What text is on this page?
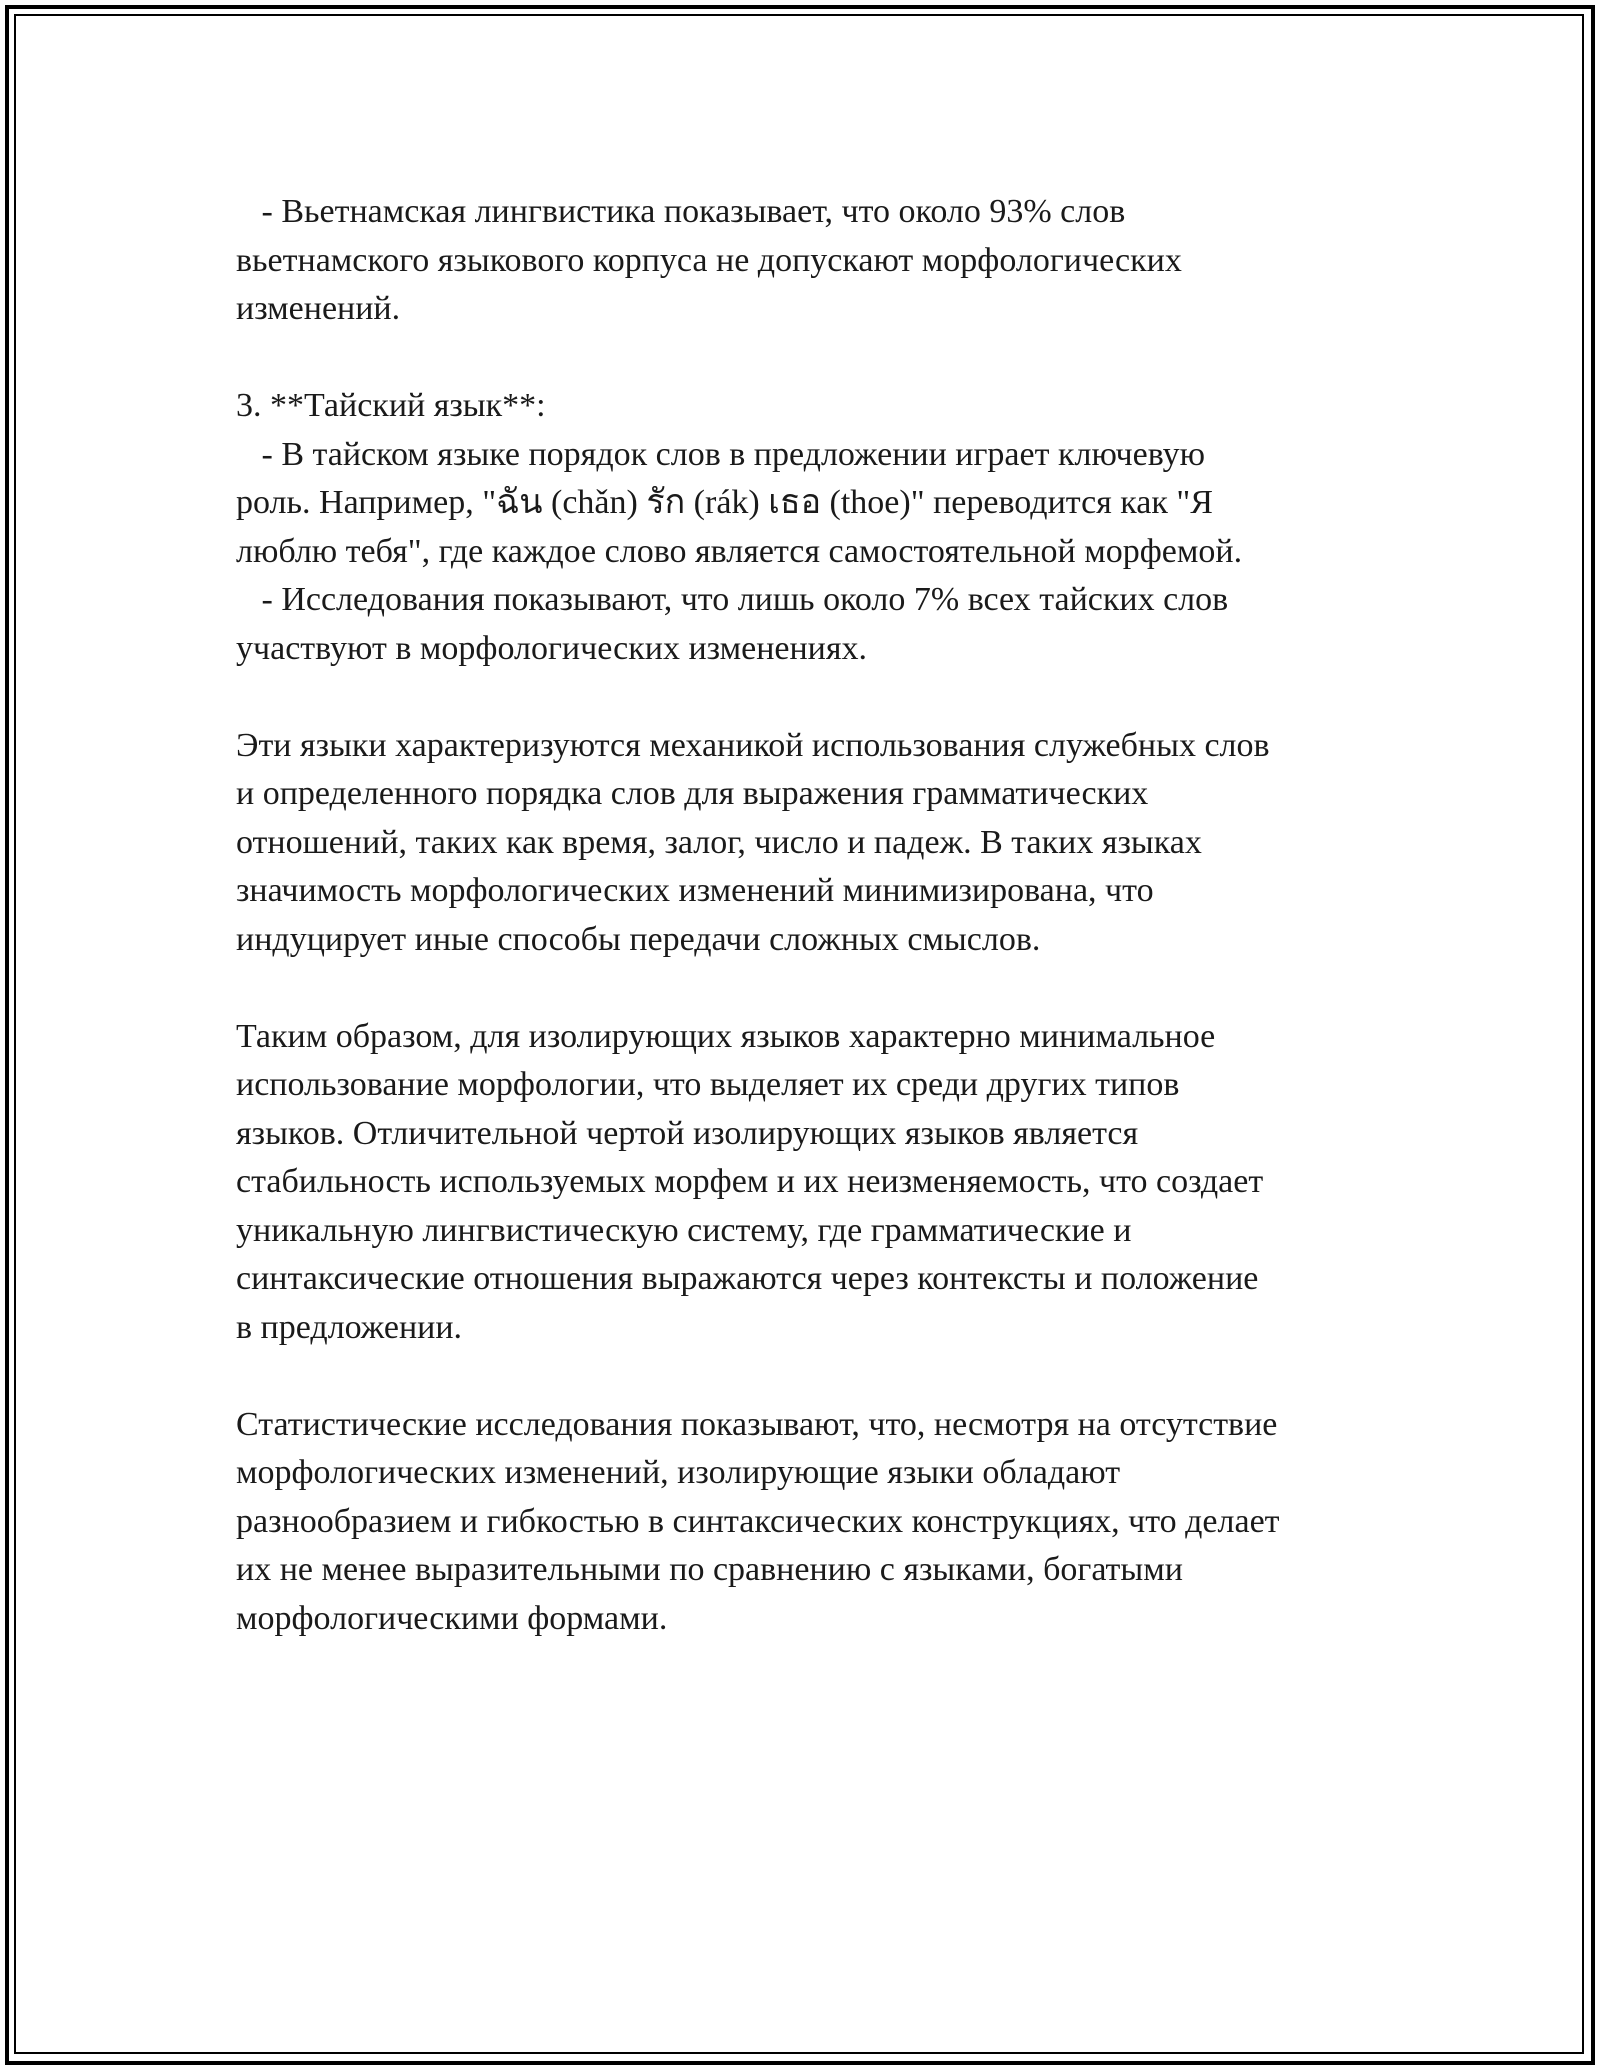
- Вьетнамская лингвистика показывает, что около 93% слов
вьетнамского языкового корпуса не допускают морфологических
изменений.
3. **Тайский язык**:
- В тайском языке порядок слов в предложении играет ключевую
роль. Например, "ฉัน (chǎn) รัก (rák) เธอ (thoe)" переводится как "Я
люблю тебя", где каждое слово является самостоятельной морфемой.
- Исследования показывают, что лишь около 7% всех тайских слов
участвуют в морфологических изменениях.
Эти языки характеризуются механикой использования служебных слов
и определенного порядка слов для выражения грамматических
отношений, таких как время, залог, число и падеж. В таких языках
значимость морфологических изменений минимизирована, что
индуцирует иные способы передачи сложных смыслов.
Таким образом, для изолирующих языков характерно минимальное
использование морфологии, что выделяет их среди других типов
языков. Отличительной чертой изолирующих языков является
стабильность используемых морфем и их неизменяемость, что создает
уникальную лингвистическую систему, где грамматические и
синтаксические отношения выражаются через контексты и положение
в предложении.
Статистические исследования показывают, что, несмотря на отсутствие
морфологических изменений, изолирующие языки обладают
разнообразием и гибкостью в синтаксических конструкциях, что делает
их не менее выразительными по сравнению с языками, богатыми
морфологическими формами.
